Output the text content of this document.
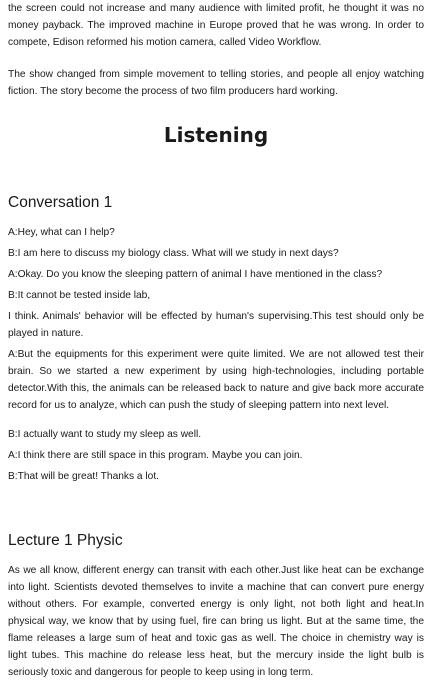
the screen could not increase and many audience with limited profit, he thought it was no money payback. The improved machine in Europe proved that he was wrong. In order to compete, Edison reformed his motion camera, called Video Workflow.

The show changed from simple movement to telling stories, and people all enjoy watching fiction. The story become the process of two film producers hard working.

Listening
Conversation 1

A:Hey, what can I help?

B:I am here to discuss my biology class. What will we study in next days?

A:Okay. Do you know the sleeping pattern of animal I have mentioned in the class?

B:It cannot be tested inside lab,

I think. Animals' behavior will be effected by human's supervising.This test should only be played in nature.

A:But the equipments for this experiment were quite limited. We are not allowed test their brain. So we started a new experiment by using high-technologies, including portable detector.With this, the animals can be released back to nature and give back more accurate record for us to analyze, which can push the study of sleeping pattern into next level.

B:I actually want to study my sleep as well.

A:I think there are still space in this program. Maybe you can join.

B:That will be great! Thanks a lot.

Lecture 1 Physic

As we all know, different energy can transit with each other.Just like heat can be exchange into light. Scientists devoted themselves to invite a machine that can convert pure energy without others. For example, converted energy is only light, not both light and heat.In physical way, we know that by using fuel, fire can bring us light. But at the same time, the flame releases a large sum of heat and toxic gas as well. The choice in chemistry way is light tubes. This machine do release less heat, but the mercury inside the light bulb is seriously toxic and dangerous for people to keep using in long term.
